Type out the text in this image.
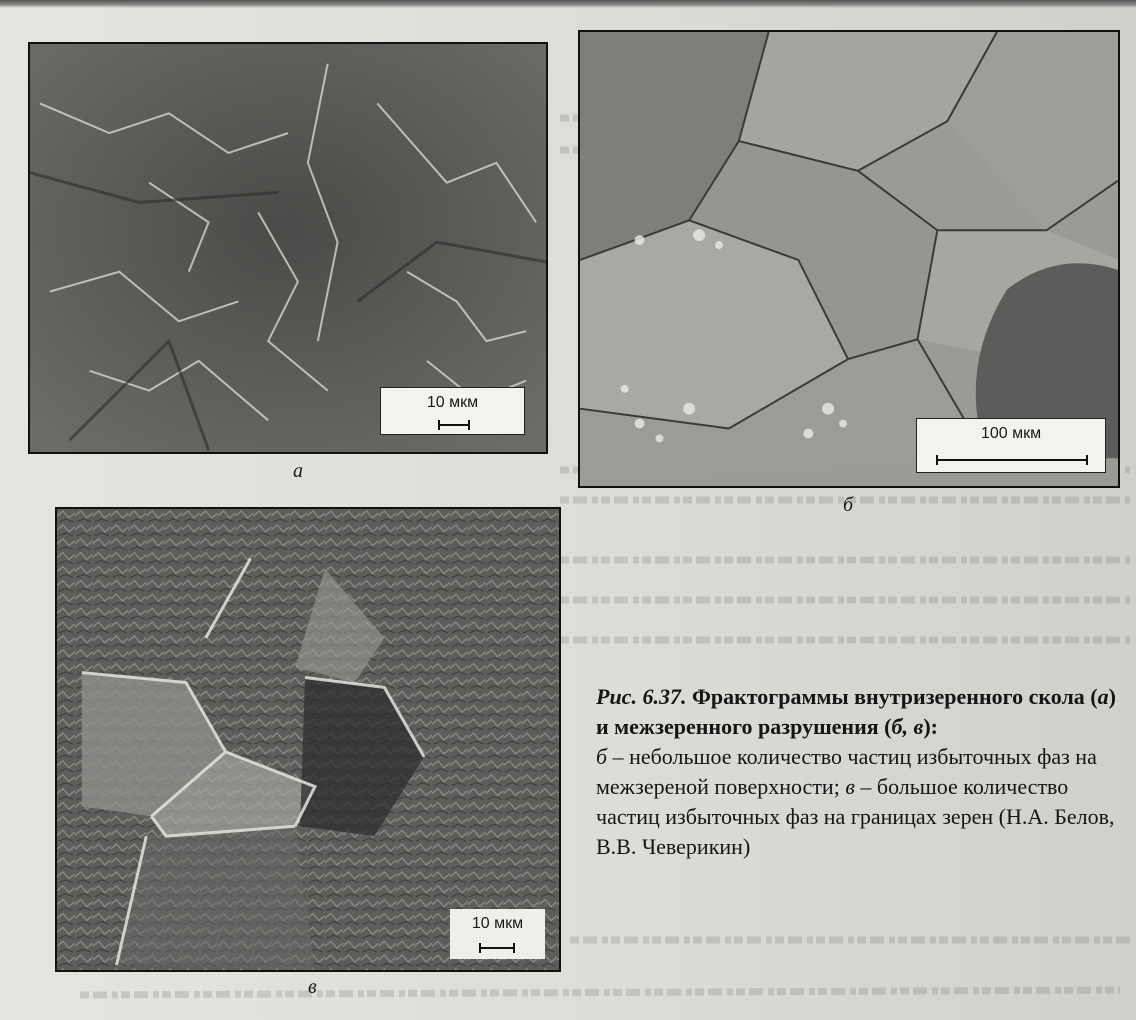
10 мкм
а
100 мкм
б
10 мкм
в
Рис. 6.37. Фрактограммы внутризеренного скола (а) и межзеренного разрушения (б, в):
б – небольшое количество частиц избыточных фаз на межзереной поверхности; в – большое количество частиц избыточных фаз на границах зерен (Н.А. Белов, В.В. Чеверикин)
